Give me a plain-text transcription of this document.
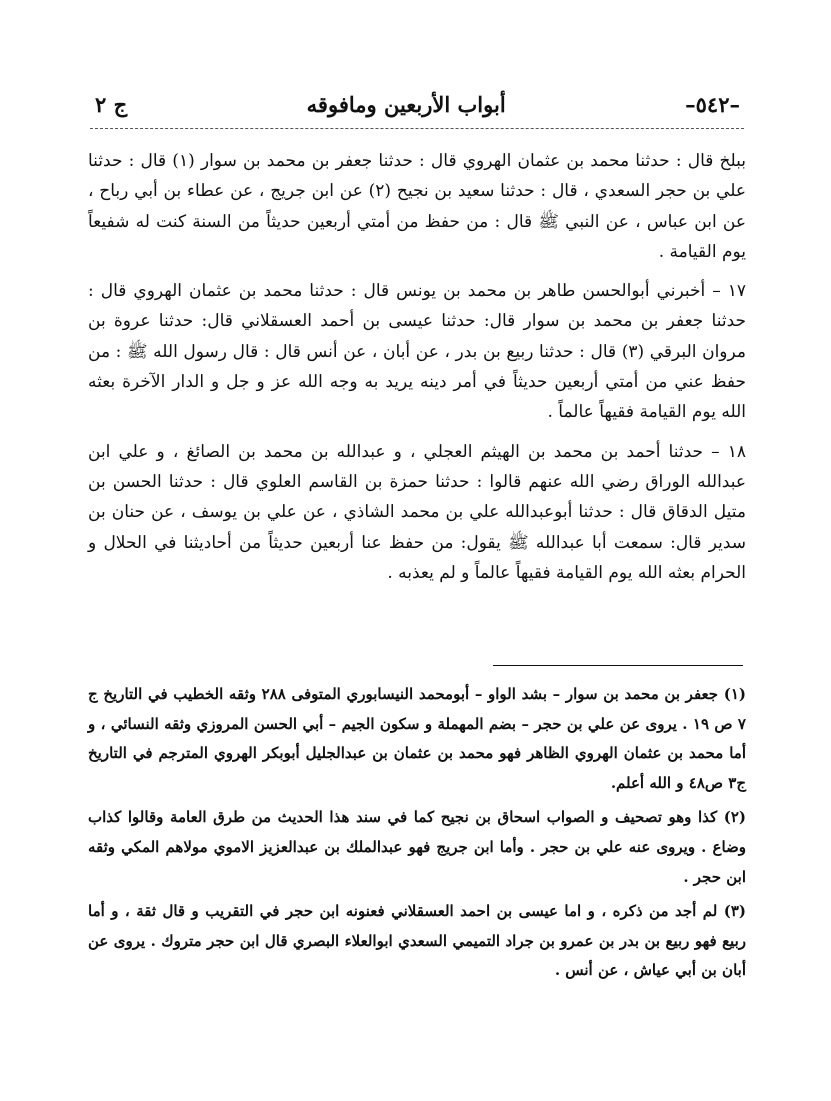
–٥٤٢–
أبواب الأربعين ومافوقه
ج ٢

ببلخ قال : حدثنا محمد بن عثمان الهروي قال : حدثنا جعفر بن محمد بن سوار (١) قال : حدثنا علي بن حجر السعدي ، قال : حدثنا سعيد بن نجيح (٢) عن ابن جريج ، عن عطاء بن أبي رباح ، عن ابن عباس ، عن النبي ﷺ قال : من حفظ من أمتي أربعين حديثاً من السنة كنت له شفيعاً يوم القيامة .

١٧ – أخبرني أبوالحسن طاهر بن محمد بن يونس قال : حدثنا محمد بن عثمان الهروي قال : حدثنا جعفر بن محمد بن سوار قال: حدثنا عيسى بن أحمد العسقلاني قال: حدثنا عروة بن مروان البرقي (٣) قال : حدثنا ربيع بن بدر ، عن أبان ، عن أنس قال : قال رسول الله ﷺ : من حفظ عني من أمتي أربعين حديثاً في أمر دينه يريد به وجه الله عز و جل و الدار الآخرة بعثه الله يوم القيامة فقيهاً عالماً .

١٨ – حدثنا أحمد بن محمد بن الهيثم العجلي ، و عبدالله بن محمد بن الصائغ ، و علي ابن عبدالله الوراق رضي الله عنهم قالوا : حدثنا حمزة بن القاسم العلوي قال : حدثنا الحسن بن متيل الدقاق قال : حدثنا أبوعبدالله علي بن محمد الشاذي ، عن علي بن يوسف ، عن حنان بن سدير قال: سمعت أبا عبدالله ﷺ يقول: من حفظ عنا أربعين حديثاً من أحاديثنا في الحلال و الحرام بعثه الله يوم القيامة فقيهاً عالماً و لم يعذبه .

(١) جعفر بن محمد بن سوار – بشد الواو – أبومحمد النيسابوري المتوفى ٢٨٨ وثقه الخطيب في التاريخ ج ٧ ص ١٩ . يروى عن علي بن حجر – بضم المهملة و سكون الجيم – أبي الحسن المروزي وثقه النسائي ، و أما محمد بن عثمان الهروي الظاهر فهو محمد بن عثمان بن عبدالجليل أبوبكر الهروي المترجم في التاريخ ج٣ ص٤٨ و الله أعلم.

(٢) كذا وهو تصحيف و الصواب اسحاق بن نجيح كما في سند هذا الحديث من طرق العامة وقالوا كذاب وضاع . ويروى عنه علي بن حجر . وأما ابن جريج فهو عبدالملك بن عبدالعزيز الاموي مولاهم المكي وثقه ابن حجر .

(٣) لم أجد من ذكره ، و اما عيسى بن احمد العسقلاني فعنونه ابن حجر في التقريب و قال ثقة ، و أما ربيع فهو ربيع بن بدر بن عمرو بن جراد التميمي السعدي ابوالعلاء البصري قال ابن حجر متروك . يروى عن أبان بن أبي عياش ، عن أنس .
